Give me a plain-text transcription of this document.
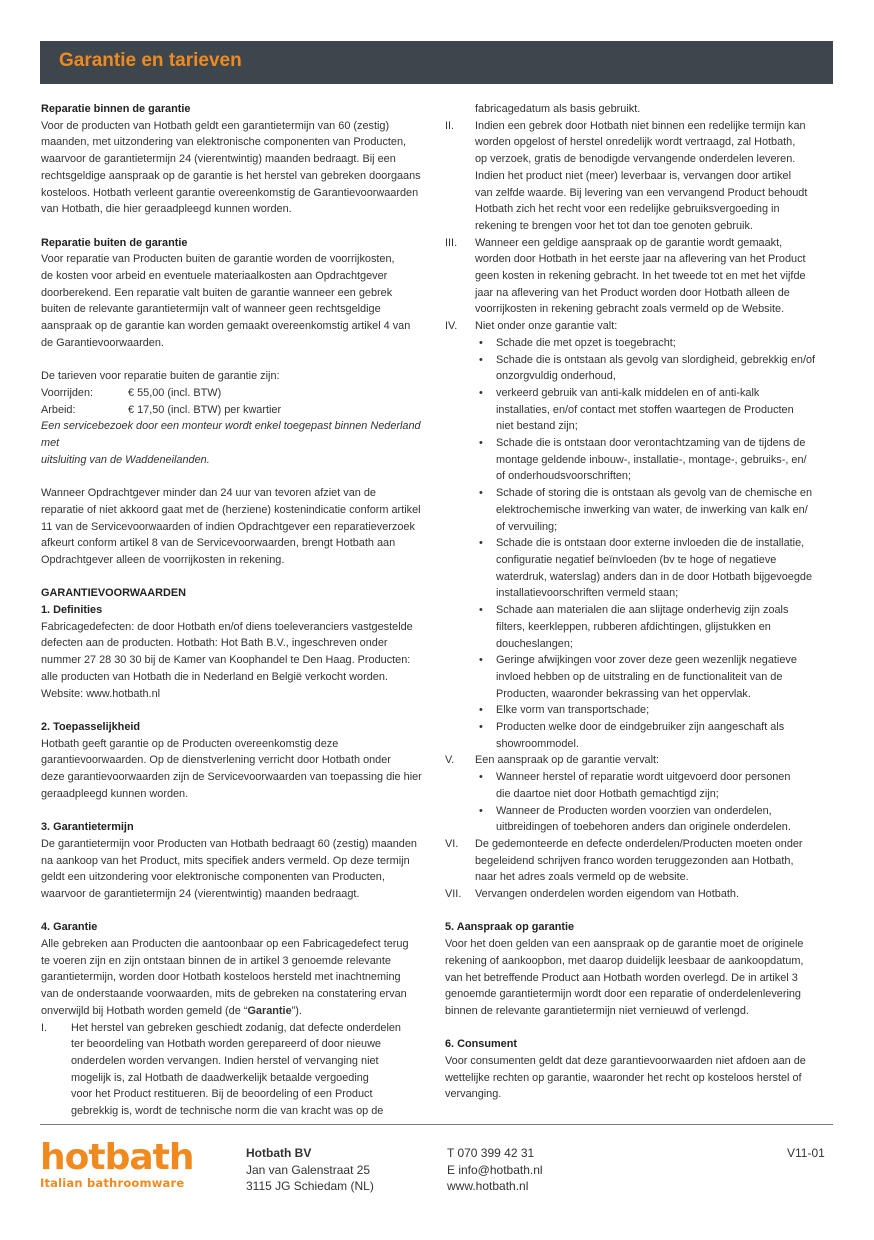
Garantie en tarieven

Reparatie binnen de garantie

Voor de producten van Hotbath geldt een garantietermijn van 60 (zestig)

maanden, met uitzondering van elektronische componenten van Producten,

waarvoor de garantietermijn 24 (vierentwintig) maanden bedraagt. Bij een

rechtsgeldige aanspraak op de garantie is het herstel van gebreken doorgaans

kosteloos. Hotbath verleent garantie overeenkomstig de Garantievoorwaarden

van Hotbath, die hier geraadpleegd kunnen worden.

Reparatie buiten de garantie

Voor reparatie van Producten buiten de garantie worden de voorrijkosten,

de kosten voor arbeid en eventuele materiaalkosten aan Opdrachtgever

doorberekend. Een reparatie valt buiten de garantie wanneer een gebrek

buiten de relevante garantietermijn valt of wanneer geen rechtsgeldige

aanspraak op de garantie kan worden gemaakt overeenkomstig artikel 4 van

de Garantievoorwaarden.

De tarieven voor reparatie buiten de garantie zijn:

Voorrijden:	€ 55,00 (incl. BTW)
Arbeid:	€ 17,50 (incl. BTW) per kwartier

Een servicebezoek door een monteur wordt enkel toegepast binnen Nederland met

uitsluiting van de Waddeneilanden.

Wanneer Opdrachtgever minder dan 24 uur van tevoren afziet van de

reparatie of niet akkoord gaat met de (herziene) kostenindicatie conform artikel

11 van de Servicevoorwaarden of indien Opdrachtgever een reparatieverzoek

afkeurt conform artikel 8 van de Servicevoorwaarden, brengt Hotbath aan

Opdrachtgever alleen de voorrijkosten in rekening.

GARANTIEVOORWAARDEN

1. Definities

Fabricagedefecten: de door Hotbath en/of diens toeleveranciers vastgestelde

defecten aan de producten. Hotbath: Hot Bath B.V., ingeschreven onder

nummer 27 28 30 30 bij de Kamer van Koophandel te Den Haag. Producten:

alle producten van Hotbath die in Nederland en België verkocht worden.

Website: www.hotbath.nl

2. Toepasselijkheid

Hotbath geeft garantie op de Producten overeenkomstig deze

garantievoorwaarden. Op de dienstverlening verricht door Hotbath onder

deze garantievoorwaarden zijn de Servicevoorwaarden van toepassing die hier

geraadpleegd kunnen worden.

3. Garantietermijn

De garantietermijn voor Producten van Hotbath bedraagt 60 (zestig) maanden

na aankoop van het Product, mits specifiek anders vermeld. Op deze termijn

geldt een uitzondering voor elektronische componenten van Producten,

waarvoor de garantietermijn 24 (vierentwintig) maanden bedraagt.

4. Garantie

Alle gebreken aan Producten die aantoonbaar op een Fabricagedefect terug

te voeren zijn en zijn ontstaan binnen de in artikel 3 genoemde relevante

garantietermijn, worden door Hotbath kosteloos hersteld met inachtneming

van de onderstaande voorwaarden, mits de gebreken na constatering ervan

onverwijld bij Hotbath worden gemeld (de “Garantie”).

I.	Het herstel van gebreken geschiedt zodanig, dat defecte onderdelen

ter beoordeling van Hotbath worden gerepareerd of door nieuwe

onderdelen worden vervangen. Indien herstel of vervanging niet

mogelijk is, zal Hotbath de daadwerkelijk betaalde vergoeding

voor het Product restitueren. Bij de beoordeling of een Product

gebrekkig is, wordt de technische norm die van kracht was op de

fabricagedatum als basis gebruikt.

II.	Indien een gebrek door Hotbath niet binnen een redelijke termijn kan

worden opgelost of herstel onredelijk wordt vertraagd, zal Hotbath,

op verzoek, gratis de benodigde vervangende onderdelen leveren.

Indien het product niet (meer) leverbaar is, vervangen door artikel

van zelfde waarde. Bij levering van een vervangend Product behoudt

Hotbath zich het recht voor een redelijke gebruiksvergoeding in

rekening te brengen voor het tot dan toe genoten gebruik.

III.	Wanneer een geldige aanspraak op de garantie wordt gemaakt,

worden door Hotbath in het eerste jaar na aflevering van het Product

geen kosten in rekening gebracht. In het tweede tot en met het vijfde

jaar na aflevering van het Product worden door Hotbath alleen de

voorrijkosten in rekening gebracht zoals vermeld op de Website.

IV.	Niet onder onze garantie valt:

•	Schade die met opzet is toegebracht;

•	Schade die is ontstaan als gevolg van slordigheid, gebrekkig en/of

onzorgvuldig onderhoud,

•	verkeerd gebruik van anti-kalk middelen en of anti-kalk

installaties, en/of contact met stoffen waartegen de Producten

niet bestand zijn;

•	Schade die is ontstaan door verontachtzaming van de tijdens de

montage geldende inbouw-, installatie-, montage-, gebruiks-, en/

of onderhoudsvoorschriften;

•	Schade of storing die is ontstaan als gevolg van de chemische en

elektrochemische inwerking van water, de inwerking van kalk en/

of vervuiling;

•	Schade die is ontstaan door externe invloeden die de installatie,

configuratie negatief beïnvloeden (bv te hoge of negatieve

waterdruk, waterslag) anders dan in de door Hotbath bijgevoegde

installatievoorschriften vermeld staan;

•	Schade aan materialen die aan slijtage onderhevig zijn zoals

filters, keerkleppen, rubberen afdichtingen, glijstukken en

doucheslangen;

•	Geringe afwijkingen voor zover deze geen wezenlijk negatieve

invloed hebben op de uitstraling en de functionaliteit van de

Producten, waaronder bekrassing van het oppervlak.

•	Elke vorm van transportschade;

•	Producten welke door de eindgebruiker zijn aangeschaft als

showroommodel.

V.	Een aanspraak op de garantie vervalt:

•	Wanneer herstel of reparatie wordt uitgevoerd door personen

die daartoe niet door Hotbath gemachtigd zijn;

•	Wanneer de Producten worden voorzien van onderdelen,

uitbreidingen of toebehoren anders dan originele onderdelen.

VI.	De gedemonteerde en defecte onderdelen/Producten moeten onder

begeleidend schrijven franco worden teruggezonden aan Hotbath,

naar het adres zoals vermeld op de website.

VII.	Vervangen onderdelen worden eigendom van Hotbath.

5. Aanspraak op garantie

Voor het doen gelden van een aanspraak op de garantie moet de originele

rekening of aankoopbon, met daarop duidelijk leesbaar de aankoopdatum,

van het betreffende Product aan Hotbath worden overlegd. De in artikel 3

genoemde garantietermijn wordt door een reparatie of onderdelenlevering

binnen de relevante garantietermijn niet vernieuwd of verlengd.

6. Consument

Voor consumenten geldt dat deze garantievoorwaarden niet afdoen aan de

wettelijke rechten op garantie, waaronder het recht op kosteloos herstel of

vervanging.

hotbath
Italian bathroomware
Hotbath BV
Jan van Galenstraat 25
3115 JG Schiedam (NL)
T 070 399 42 31
E info@hotbath.nl
www.hotbath.nl
V11-01
